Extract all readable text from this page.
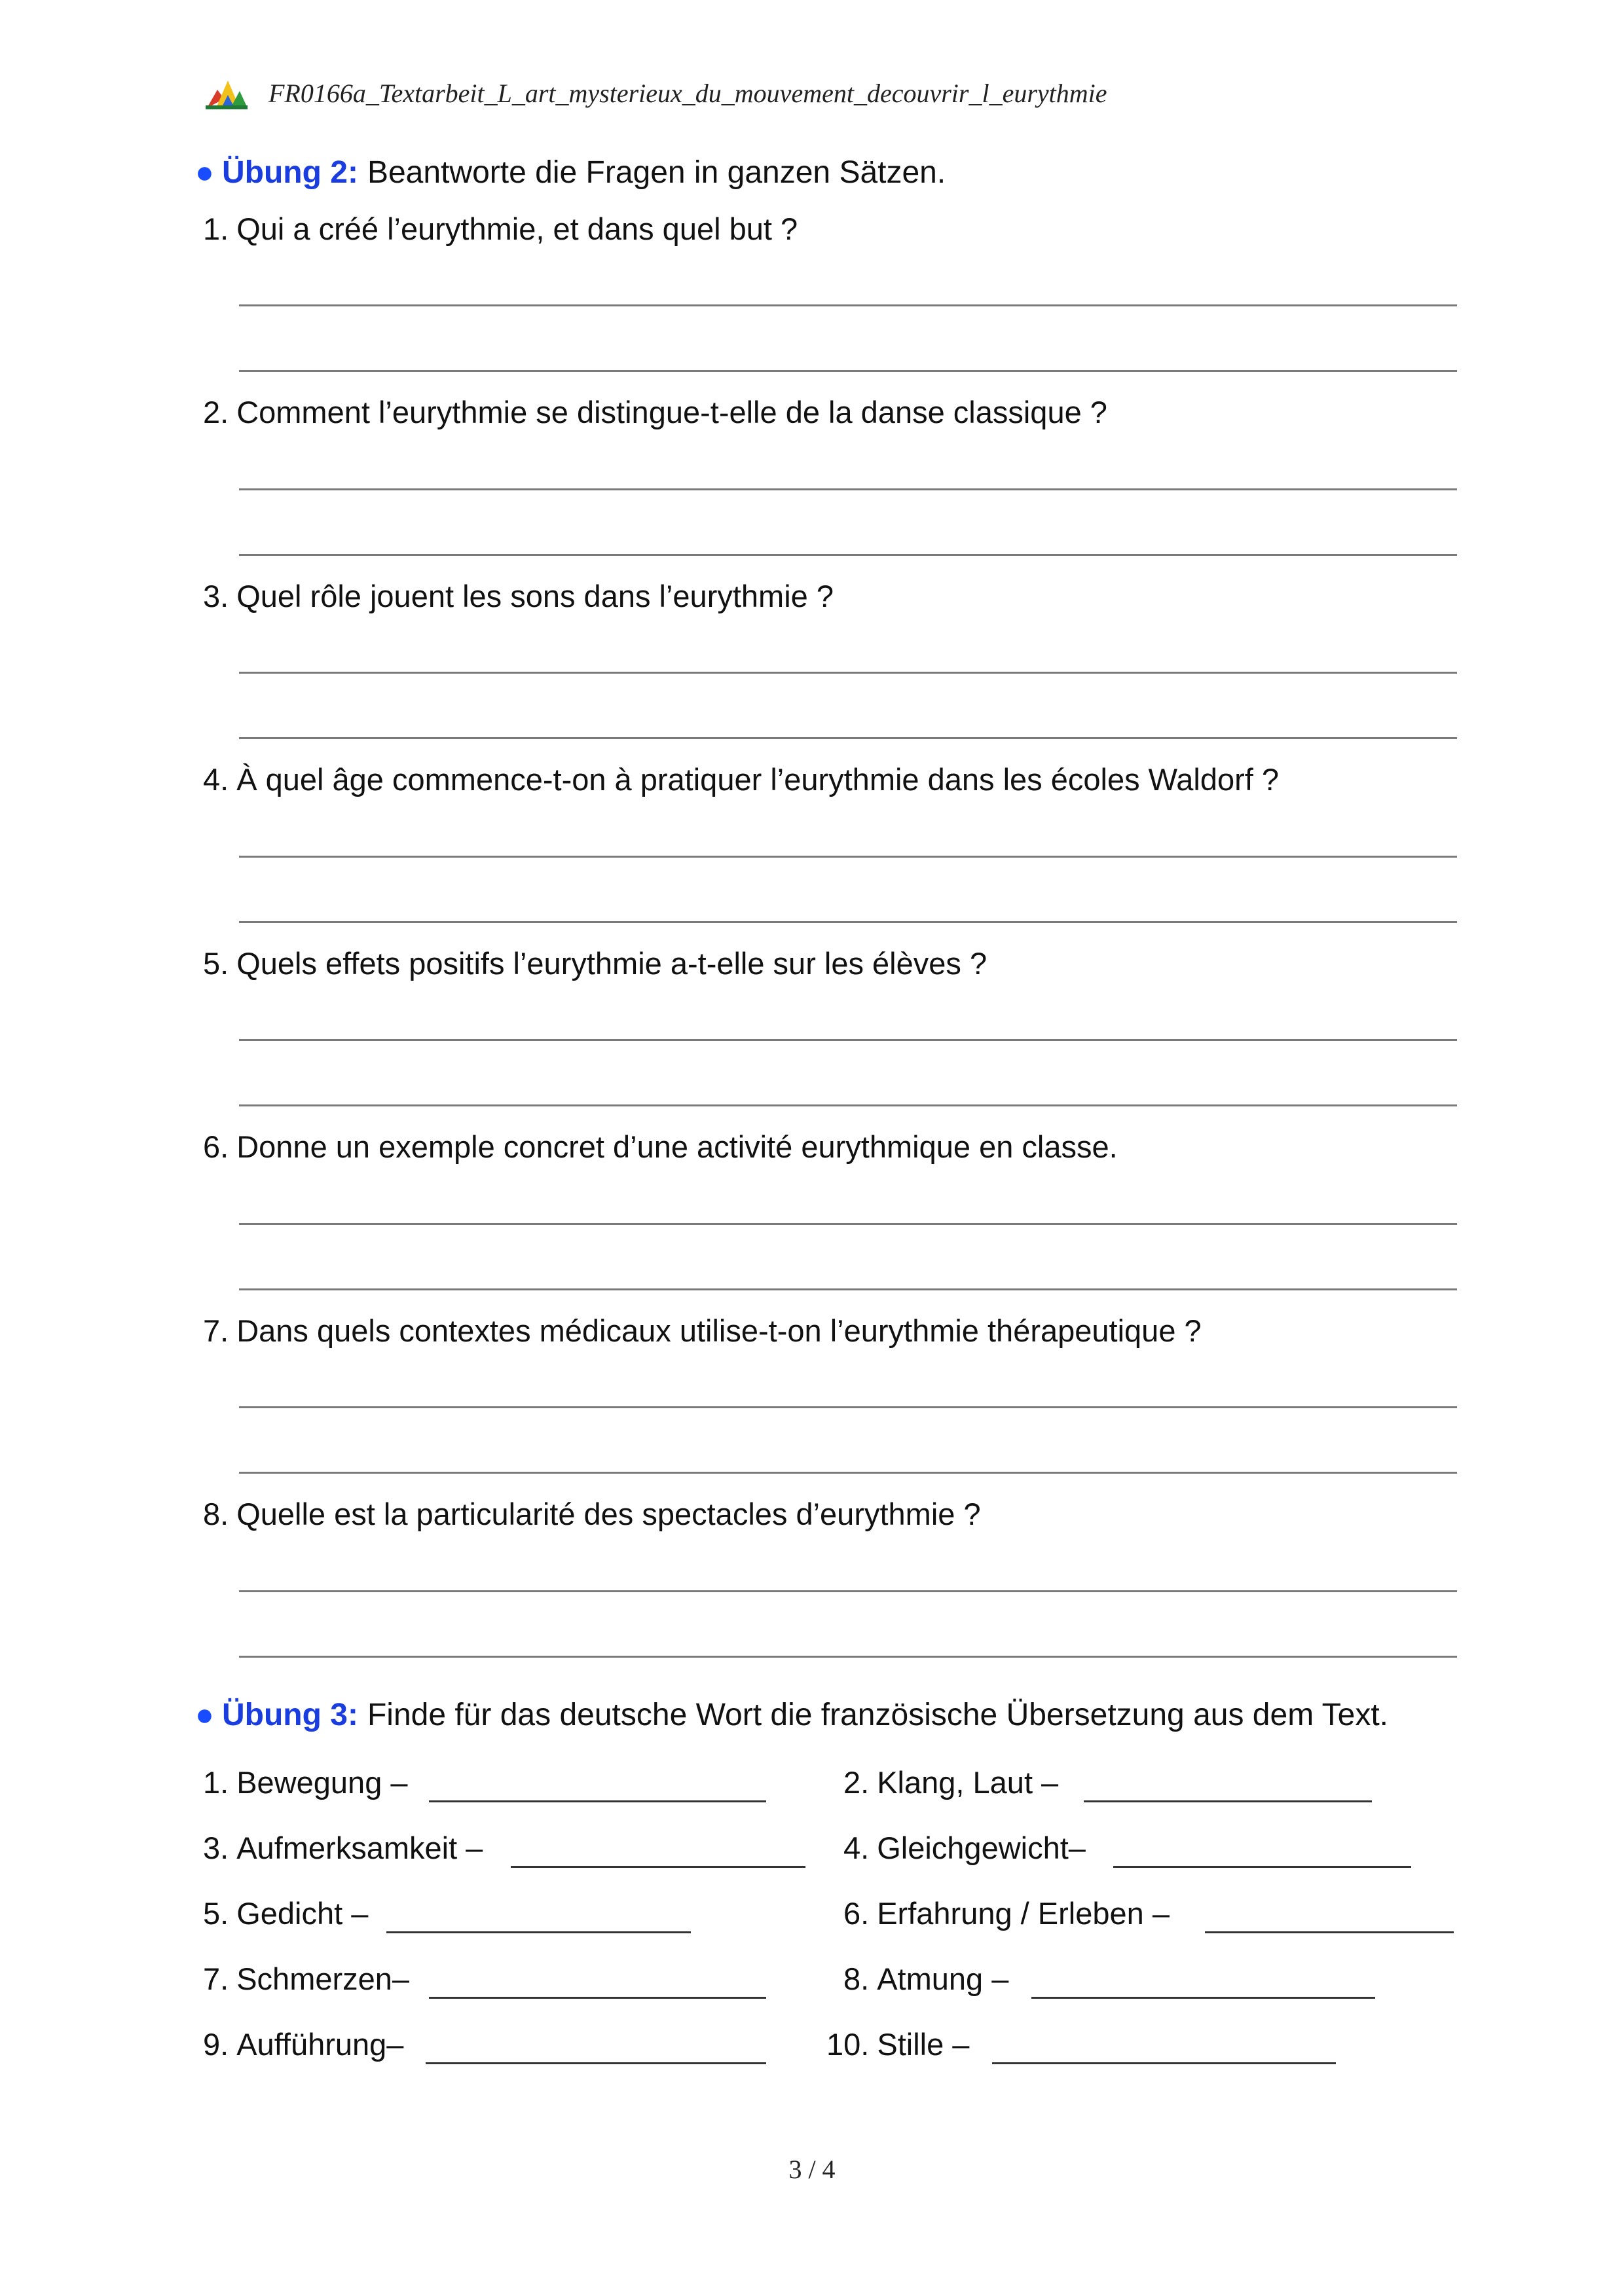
FR0166a_Textarbeit_L_art_mysterieux_du_mouvement_decouvrir_l_eurythmie
● Übung 2: Beantworte die Fragen in ganzen Sätzen.
1. Qui a créé l’eurythmie, et dans quel but ?
2. Comment l’eurythmie se distingue-t-elle de la danse classique ?
3. Quel rôle jouent les sons dans l’eurythmie ?
4. À quel âge commence-t-on à pratiquer l’eurythmie dans les écoles Waldorf ?
5. Quels effets positifs l’eurythmie a-t-elle sur les élèves ?
6. Donne un exemple concret d’une activité eurythmique en classe.
7. Dans quels contextes médicaux utilise-t-on l’eurythmie thérapeutique ?
8. Quelle est la particularité des spectacles d’eurythmie ?
● Übung 3: Finde für das deutsche Wort die französische Übersetzung aus dem Text.
1. Bewegung –	2. Klang, Laut –
3. Aufmerksamkeit –	4. Gleichgewicht–
5. Gedicht –	6. Erfahrung / Erleben –
7. Schmerzen–	8. Atmung –
9. Aufführung–	10. Stille –
3 / 4
